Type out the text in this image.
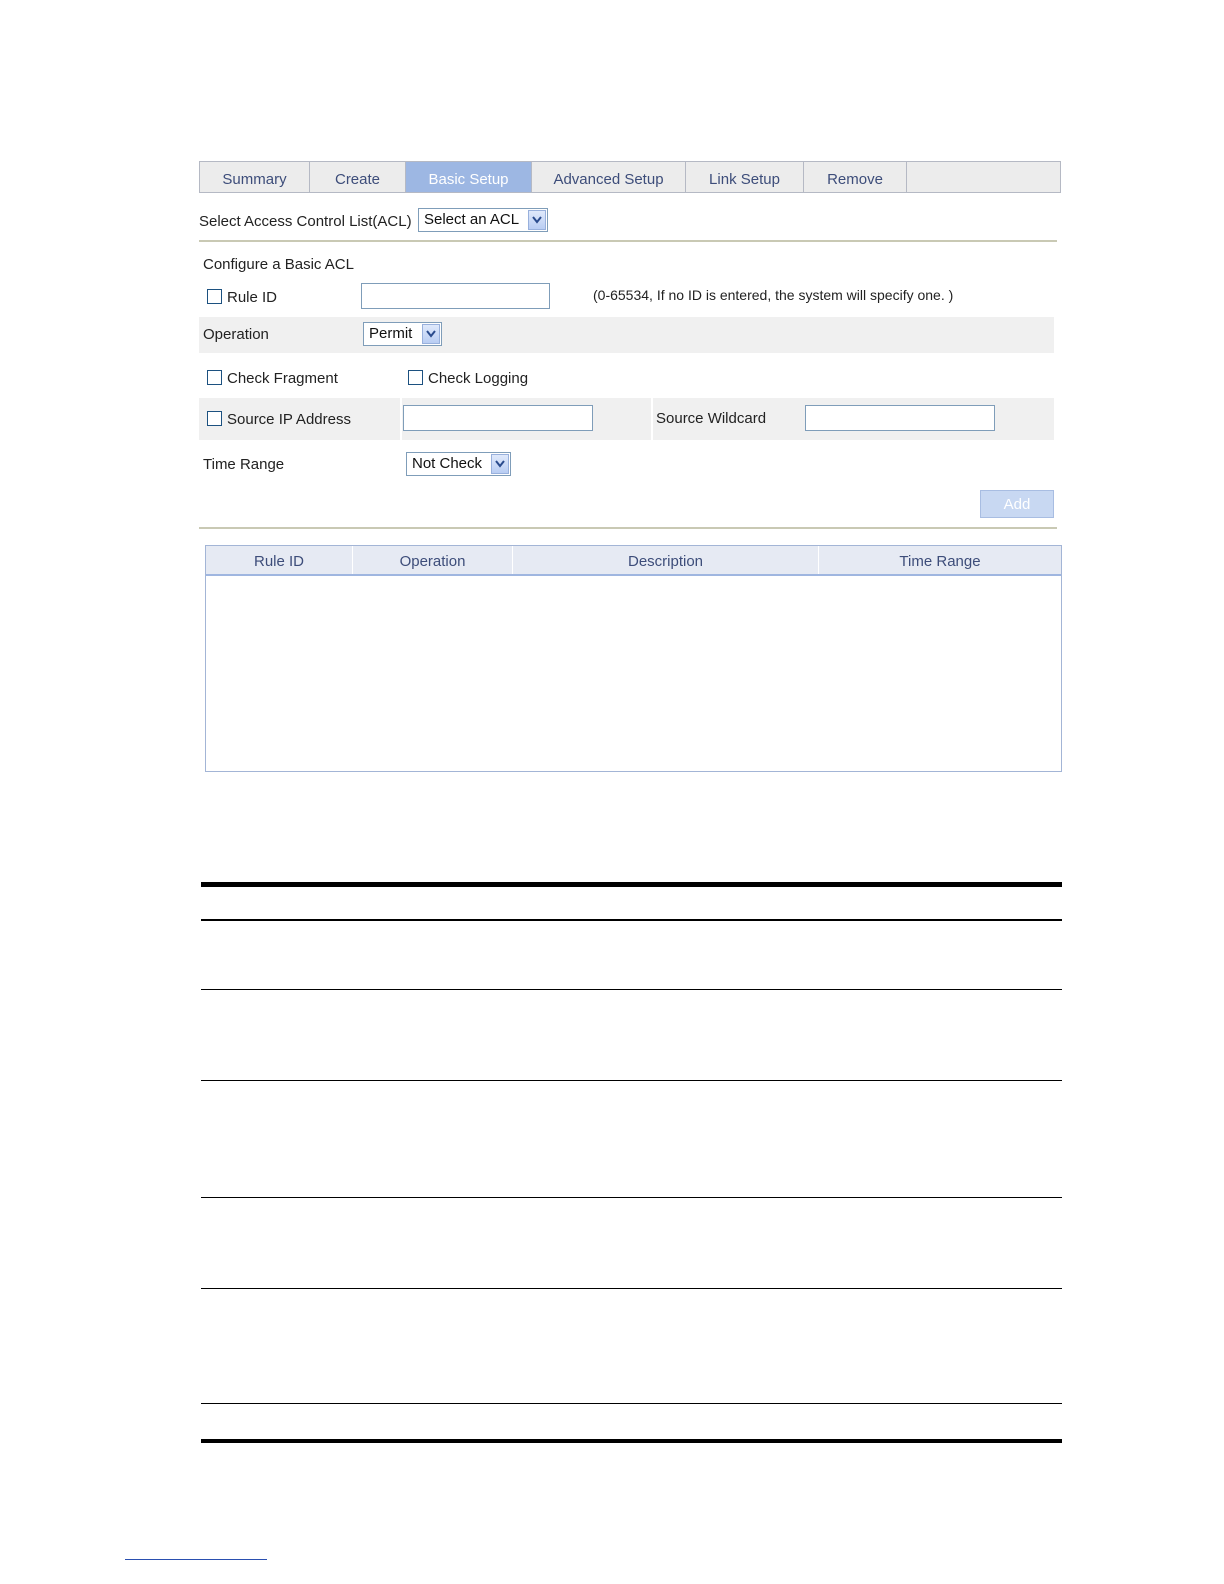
Summary	Create	Basic Setup	Advanced Setup	Link Setup	Remove
Select Access Control List(ACL) Select an ACL
Configure a Basic ACL
Rule ID	(0-65534, If no ID is entered, the system will specify one. )
Operation	Permit
Check Fragment	Check Logging
Source IP Address	Source Wildcard
Time Range	Not Check
Add
Rule ID	Operation	Description	Time Range
